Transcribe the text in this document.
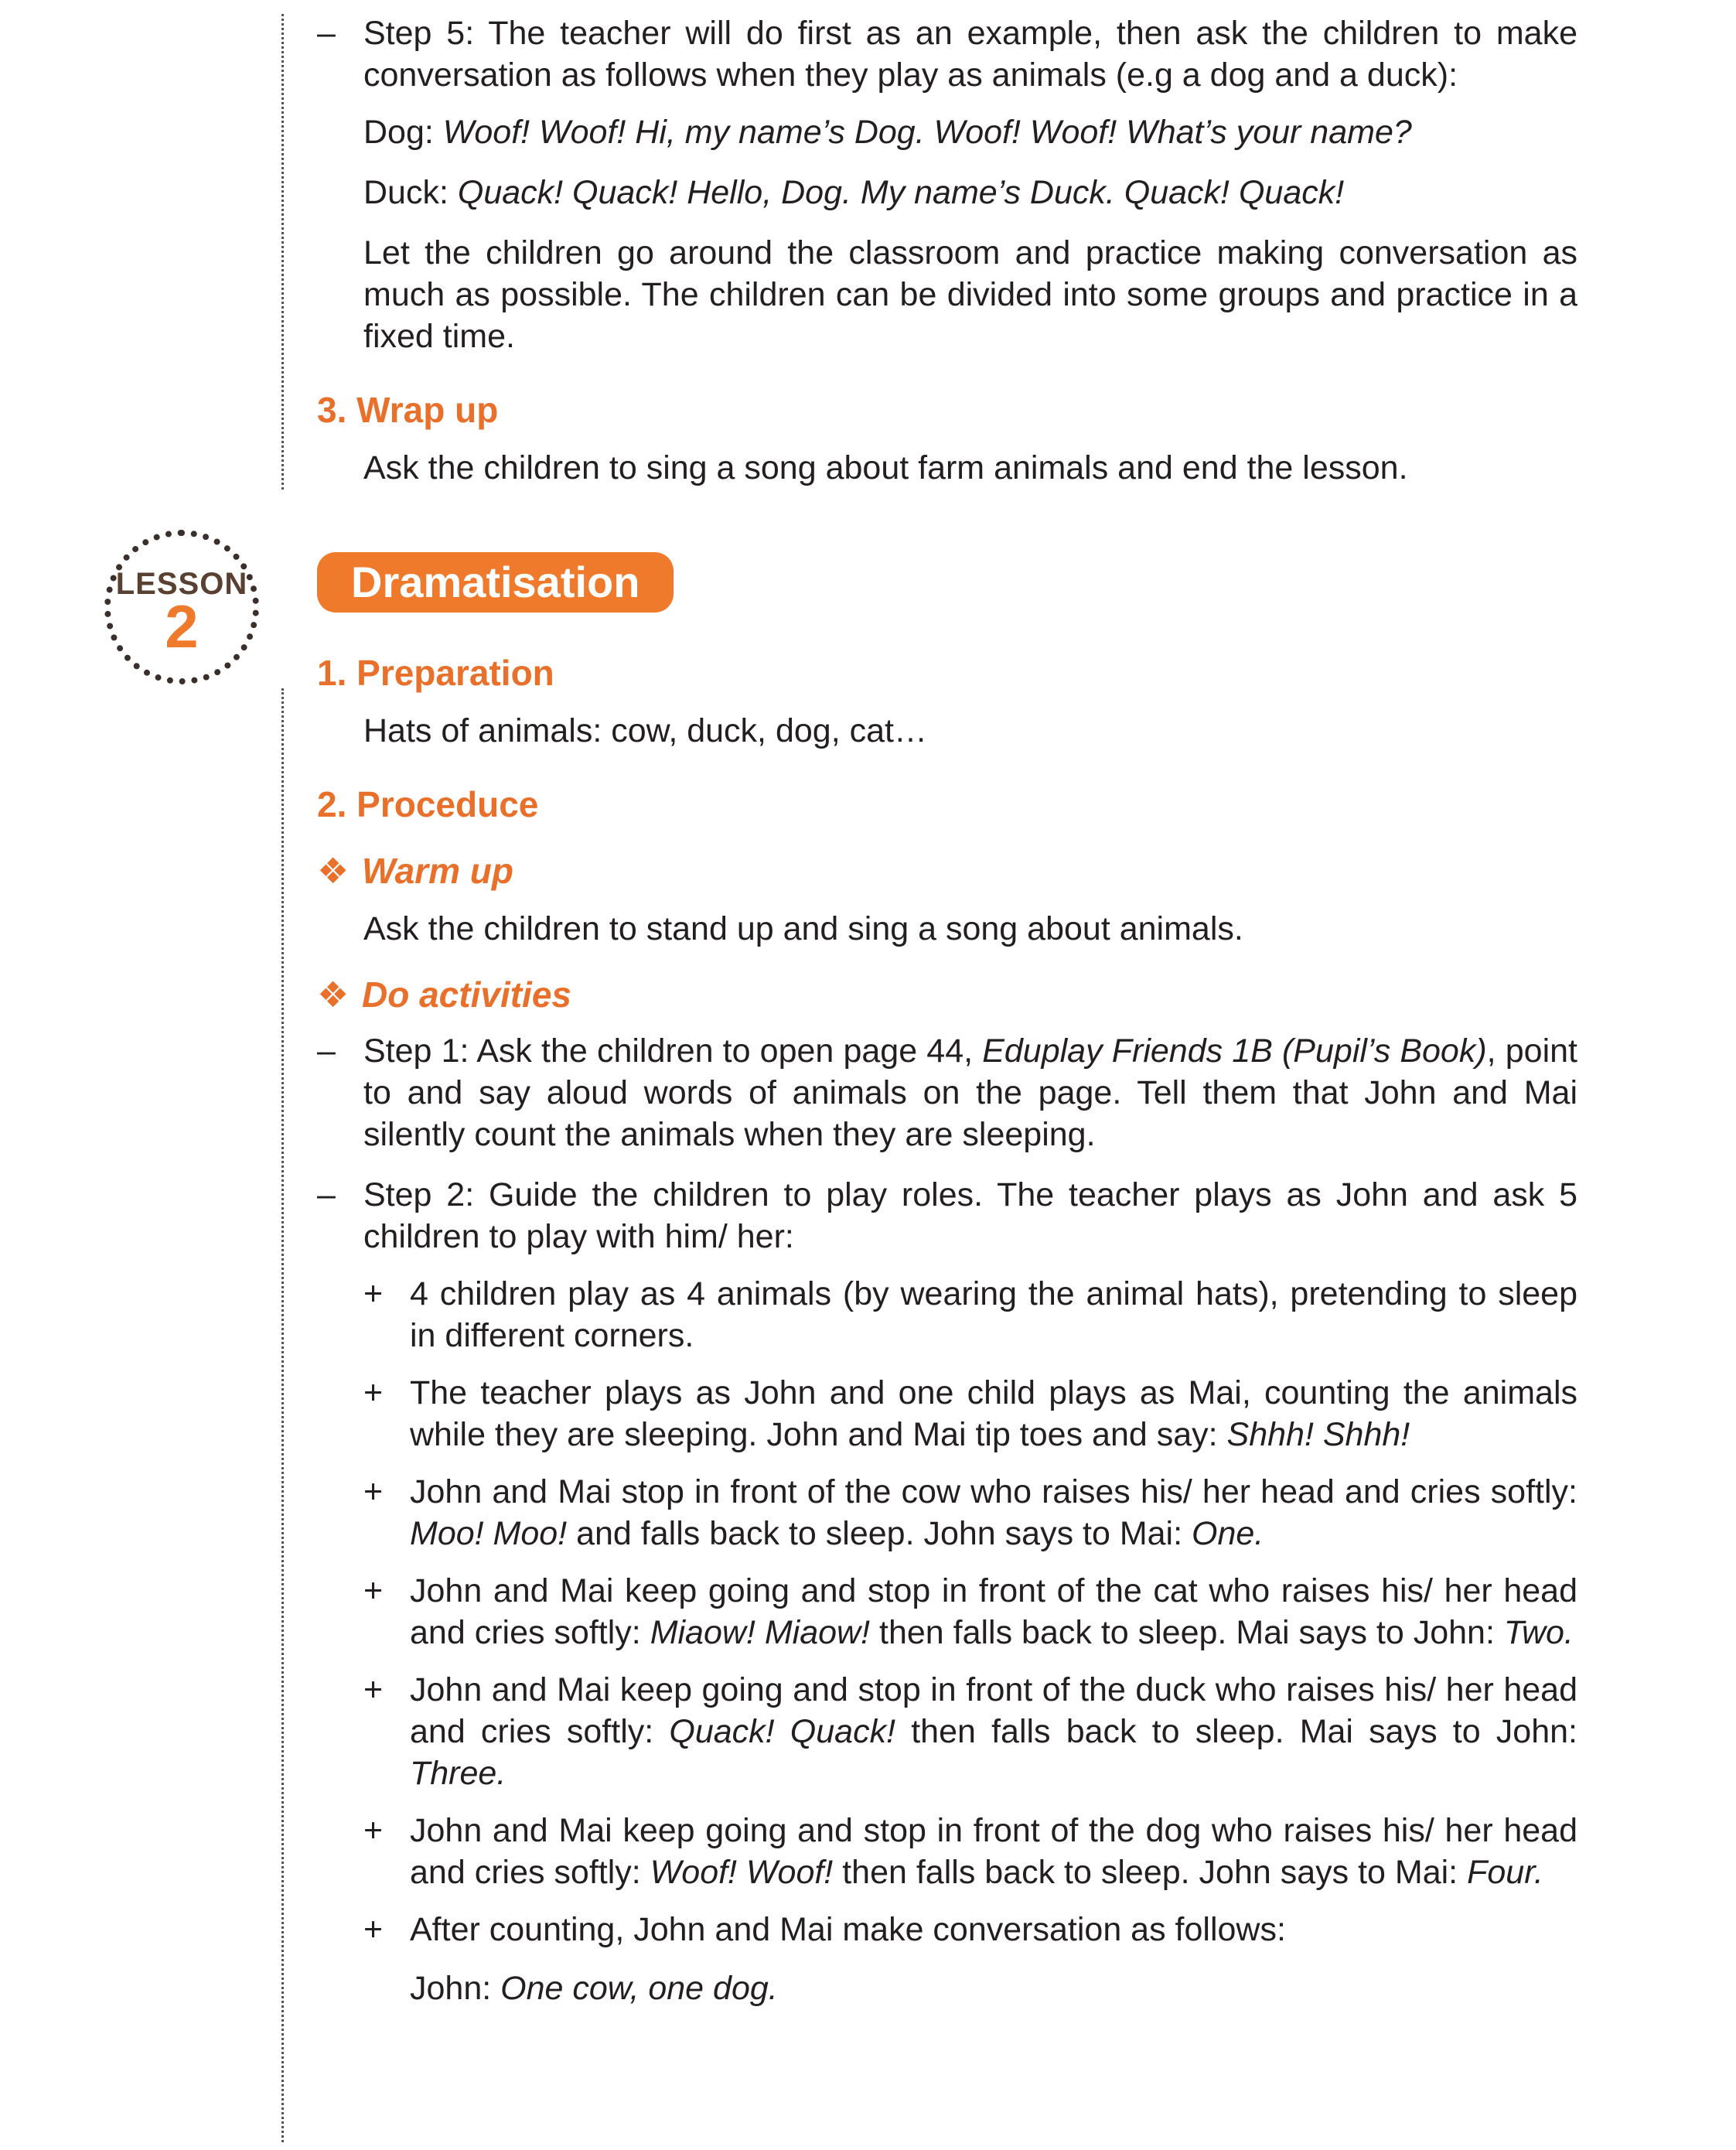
LESSON
2
– Step 5: The teacher will do first as an example, then ask the children to make conversation as follows when they play as animals (e.g a dog and a duck):

Dog: Woof! Woof! Hi, my name’s Dog. Woof! Woof! What’s your name?

Duck: Quack! Quack! Hello, Dog. My name’s Duck. Quack! Quack!

Let the children go around the classroom and practice making conversation as much as possible. The children can be divided into some groups and practice in a fixed time.

3. Wrap up

Ask the children to sing a song about farm animals and end the lesson.

Dramatisation

1. Preparation

Hats of animals: cow, duck, dog, cat…

2. Proceduce

❖ Warm up

Ask the children to stand up and sing a song about animals.

❖ Do activities

– Step 1: Ask the children to open page 44, Eduplay Friends 1B (Pupil’s Book), point to and say aloud words of animals on the page. Tell them that John and Mai silently count the animals when they are sleeping.

– Step 2: Guide the children to play roles. The teacher plays as John and ask 5 children to play with him/ her:

+ 4 children play as 4 animals (by wearing the animal hats), pretending to sleep in different corners.

+ The teacher plays as John and one child plays as Mai, counting the animals while they are sleeping. John and Mai tip toes and say: Shhh! Shhh!

+ John and Mai stop in front of the cow who raises his/ her head and cries softly: Moo! Moo! and falls back to sleep. John says to Mai: One.

+ John and Mai keep going and stop in front of the cat who raises his/ her head and cries softly: Miaow! Miaow! then falls back to sleep. Mai says to John: Two.

+ John and Mai keep going and stop in front of the duck who raises his/ her head and cries softly: Quack! Quack! then falls back to sleep. Mai says to John: Three.

+ John and Mai keep going and stop in front of the dog who raises his/ her head and cries softly: Woof! Woof! then falls back to sleep. John says to Mai: Four.

+ After counting, John and Mai make conversation as follows:

John: One cow, one dog.
